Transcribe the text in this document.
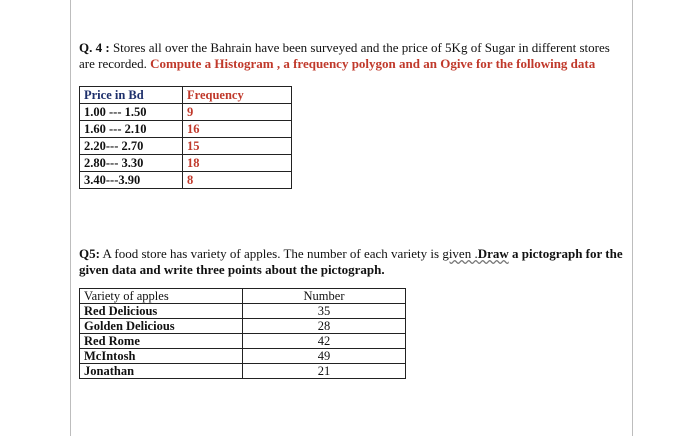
Q. 4 : Stores all over the Bahrain have been surveyed and the price of 5Kg of Sugar in different stores are recorded. Compute a Histogram , a frequency polygon and an Ogive for the following data
Price in Bd	Frequency
1.00 --- 1.50	9
1.60 --- 2.10	16
2.20--- 2.70	15
2.80--- 3.30	18
3.40---3.90	8
Q5: A food store has variety of apples. The number of each variety is given .Draw a pictograph for the given data and write three points about the pictograph.
Variety of apples	Number
Red Delicious	35
Golden Delicious	28
Red Rome	42
McIntosh	49
Jonathan	21
